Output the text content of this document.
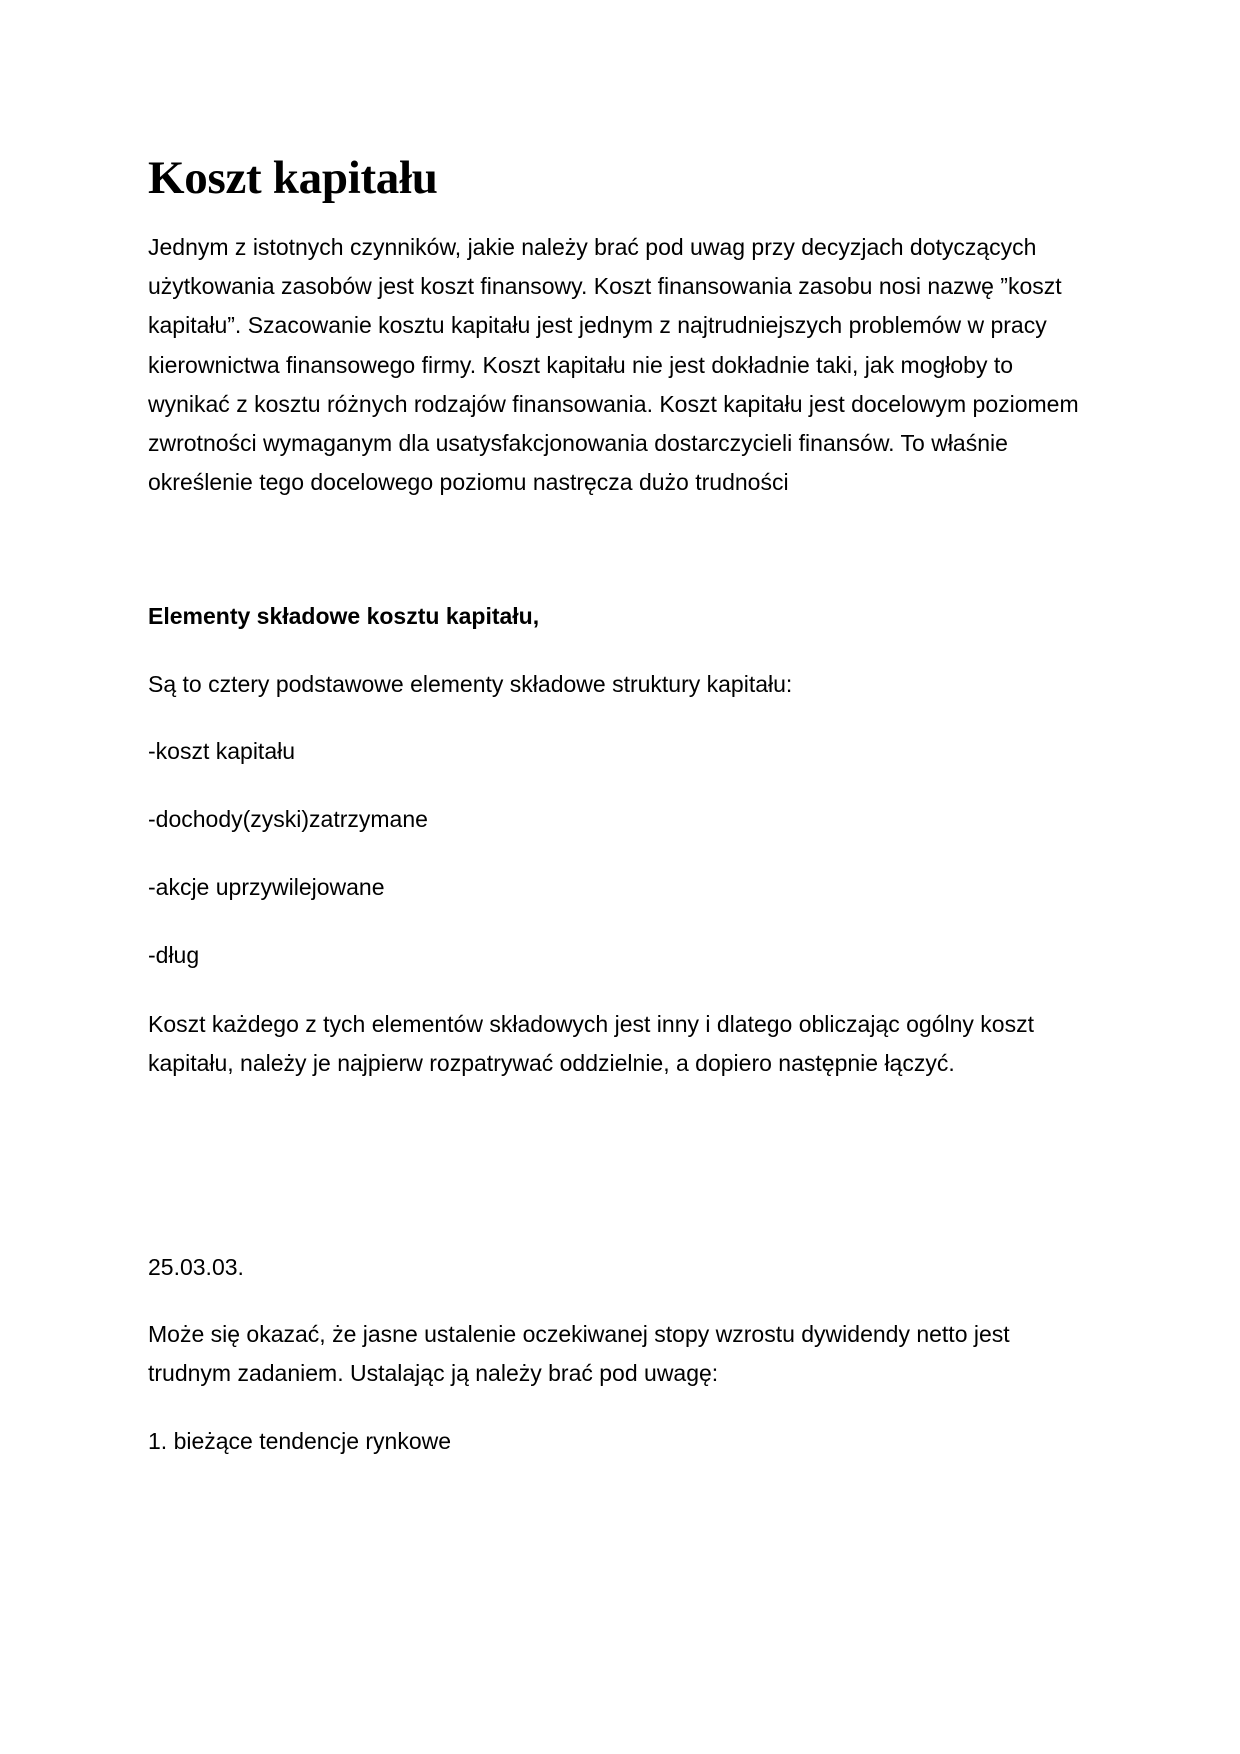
Koszt kapitału

Jednym z istotnych czynników, jakie należy brać pod uwag przy decyzjach dotyczących użytkowania zasobów jest koszt finansowy. Koszt finansowania zasobu nosi nazwę ”koszt kapitału”. Szacowanie kosztu kapitału jest jednym z najtrudniejszych problemów w pracy kierownictwa finansowego firmy. Koszt kapitału nie jest dokładnie taki, jak mogłoby to wynikać z kosztu różnych rodzajów finansowania. Koszt kapitału jest docelowym poziomem zwrotności wymaganym dla usatysfakcjonowania dostarczycieli finansów. To właśnie określenie tego docelowego poziomu nastręcza dużo trudności

Elementy składowe kosztu kapitału,

Są to cztery podstawowe elementy składowe struktury kapitału:

-koszt kapitału

-dochody(zyski)zatrzymane

-akcje uprzywilejowane

-dług

Koszt każdego z tych elementów składowych jest inny i dlatego obliczając ogólny koszt kapitału, należy je najpierw rozpatrywać oddzielnie, a dopiero następnie łączyć.

25.03.03.

Może się okazać, że jasne ustalenie oczekiwanej stopy wzrostu dywidendy netto jest trudnym zadaniem. Ustalając ją należy brać pod uwagę:

1. bieżące tendencje rynkowe
